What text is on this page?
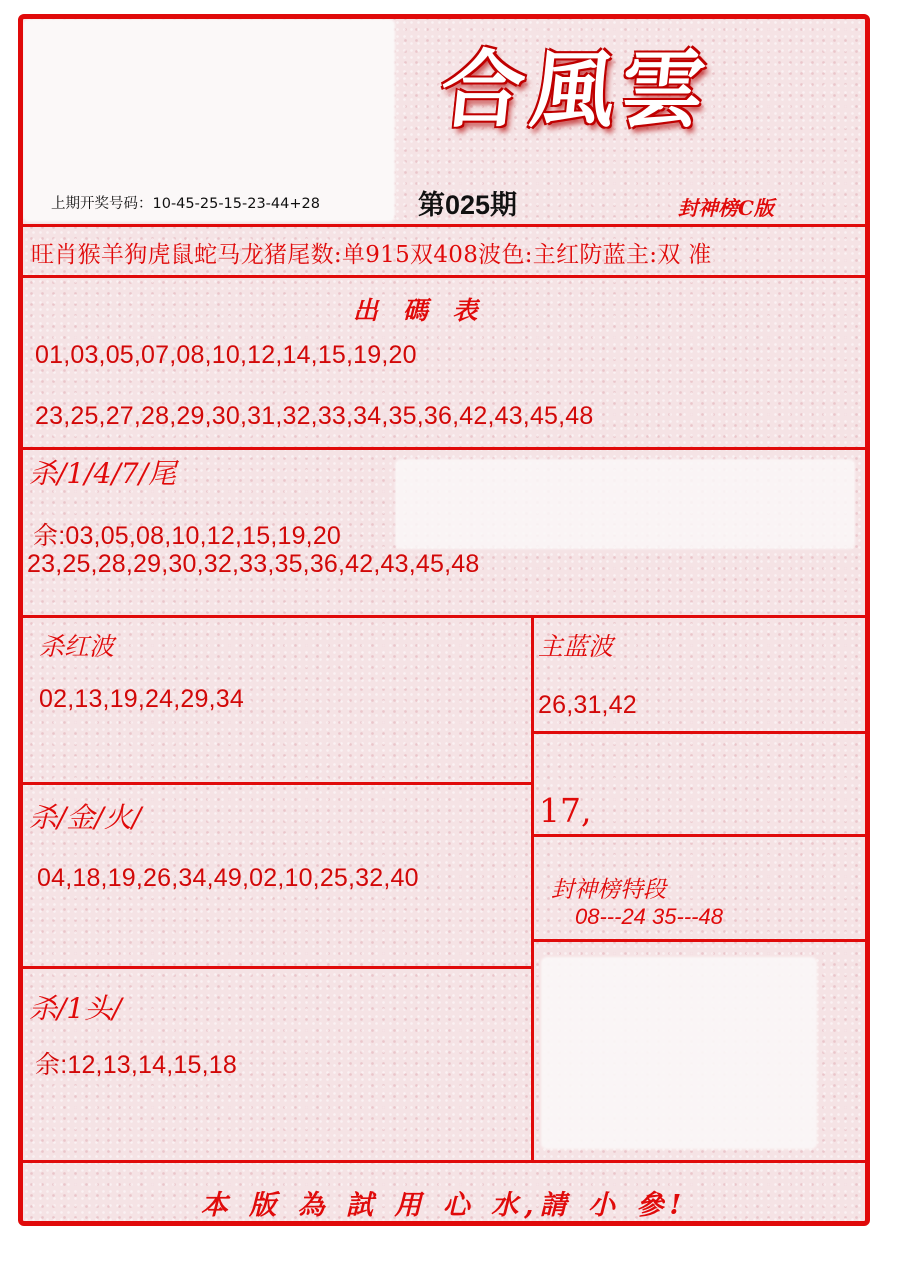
合風雲
封神榜C版
上期开奖号码：10-45-25-15-23-44+28	第025期
旺肖猴羊狗虎鼠蛇马龙猪尾数:单915双408波色:主红防蓝主:双 准
出 碼 表
01,03,05,07,08,10,12,14,15,19,20
23,25,27,28,29,30,31,32,33,34,35,36,42,43,45,48
杀/1/4/7/尾
余:03,05,08,10,12,15,19,20
23,25,28,29,30,32,33,35,36,42,43,45,48
杀红波
02,13,19,24,29,34
主蓝波
26,31,42
杀/金/火/
04,18,19,26,34,49,02,10,25,32,40
17,
封神榜特段
08---24 35---48
杀/1头/
余:12,13,14,15,18
本 版 為 試 用 心 水,請 小 參!
